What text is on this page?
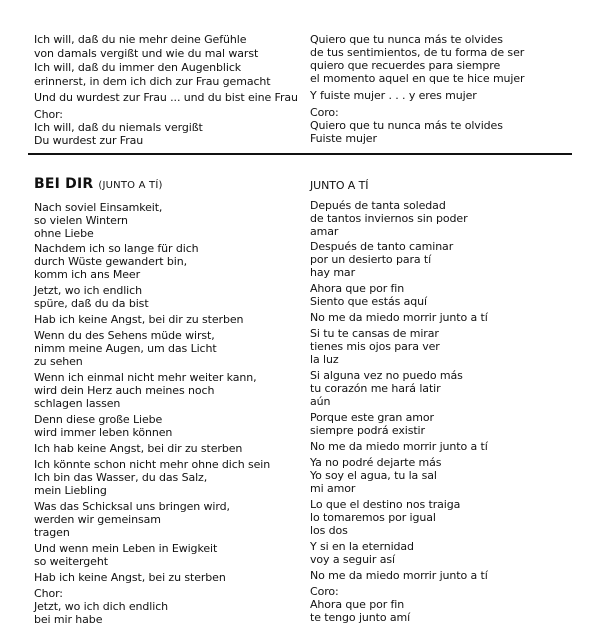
Ich will, daß du nie mehr deine Gefühle
von damals vergißt und wie du mal warst
Ich will, daß du immer den Augenblick
erinnerst, in dem ich dich zur Frau gemacht
Und du wurdest zur Frau ... und du bist eine Frau
Chor:
Ich will, daß du niemals vergißt
Du wurdest zur Frau
Quiero que tu nunca más te olvides
de tus sentimientos, de tu forma de ser
quiero que recuerdes para siempre
el momento aquel en que te hice mujer
Y fuiste mujer . . . y eres mujer
Coro:
Quiero que tu nunca más te olvides
Fuiste mujer
BEI DIR (JUNTO A TÍ)
Nach soviel Einsamkeit,
so vielen Wintern
ohne Liebe
Nachdem ich so lange für dich
durch Wüste gewandert bin,
komm ich ans Meer
Jetzt, wo ich endlich
spüre, daß du da bist
Hab ich keine Angst, bei dir zu sterben
Wenn du des Sehens müde wirst,
nimm meine Augen, um das Licht
zu sehen
Wenn ich einmal nicht mehr weiter kann,
wird dein Herz auch meines noch
schlagen lassen
Denn diese große Liebe
wird immer leben können
Ich hab keine Angst, bei dir zu sterben
Ich könnte schon nicht mehr ohne dich sein
Ich bin das Wasser, du das Salz,
mein Liebling
Was das Schicksal uns bringen wird,
werden wir gemeinsam
tragen
Und wenn mein Leben in Ewigkeit
so weitergeht
Hab ich keine Angst, bei zu sterben
Chor:
Jetzt, wo ich dich endlich
bei mir habe
JUNTO A TÍ
Depués de tanta soledad
de tantos inviernos sin poder
amar
Después de tanto caminar
por un desierto para tí
hay mar
Ahora que por fin
Siento que estás aquí
No me da miedo morrir junto a tí
Si tu te cansas de mirar
tienes mis ojos para ver
la luz
Si alguna vez no puedo más
tu corazón me hará latir
aún
Porque este gran amor
siempre podrá existir
No me da miedo morrir junto a tí
Ya no podré dejarte más
Yo soy el agua, tu la sal
mi amor
Lo que el destino nos traiga
lo tomaremos por igual
los dos
Y si en la eternidad
voy a seguir así
No me da miedo morrir junto a tí
Coro:
Ahora que por fin
te tengo junto amí
